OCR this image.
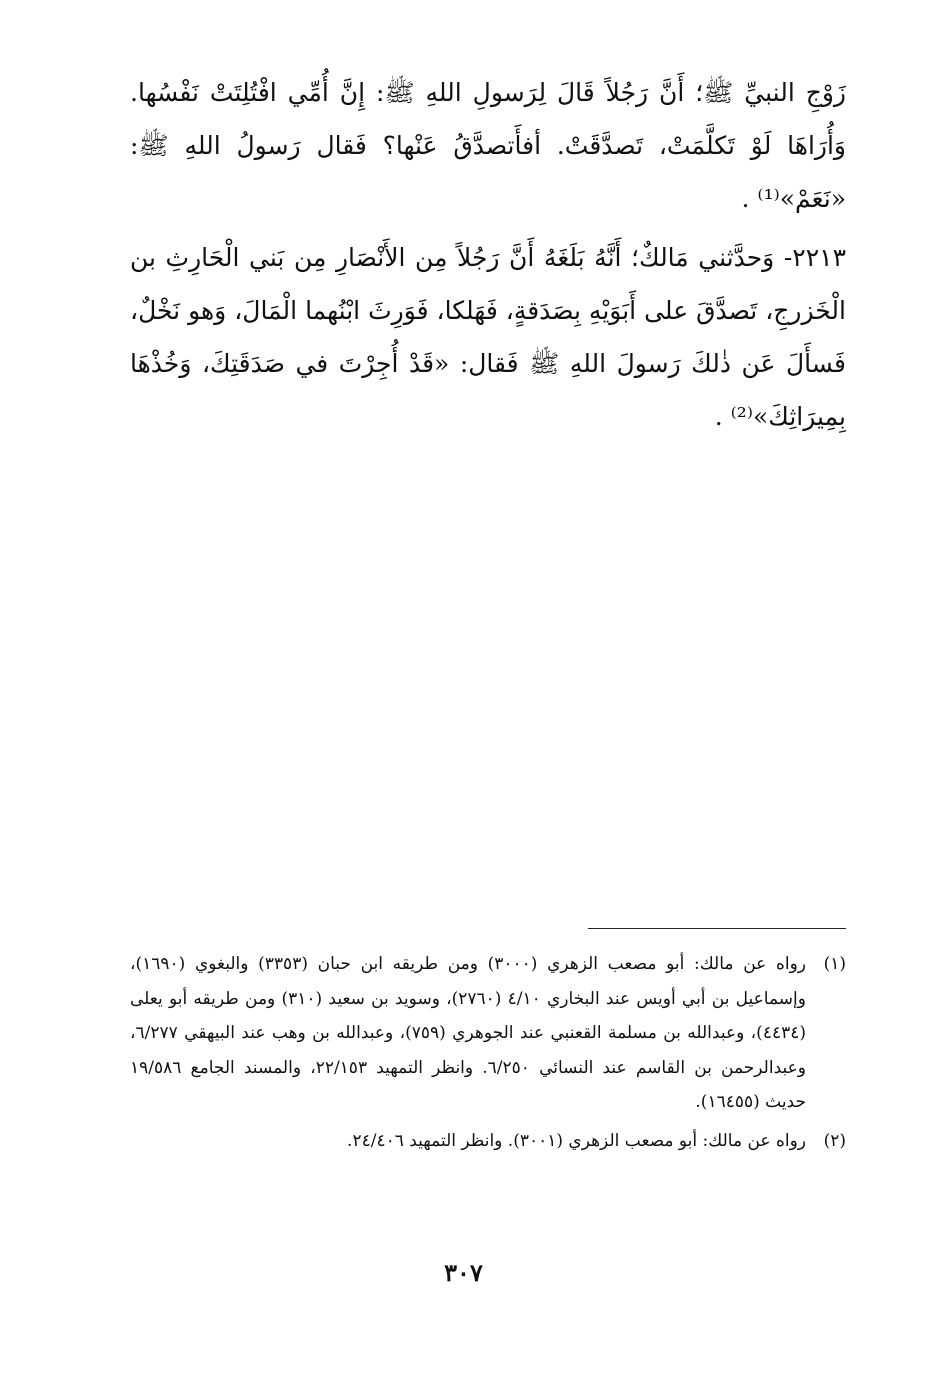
زَوْجِ النبيِّ ﷺ؛ أَنَّ رَجُلاً قَالَ لِرَسولِ اللهِ ﷺ: إِنَّ أُمِّي افْتُلِتَتْ نَفْسُها. وَأُرَاهَا لَوْ تَكلَّمَتْ، تَصدَّقَتْ. أفأَتصدَّقُ عَنْها؟ فَقال رَسولُ اللهِ ﷺ: «نَعَمْ»⁽¹⁾ .

٢٢١٣- وَحدَّثني مَالكٌ؛ أَنَّهُ بَلَغَهُ أَنَّ رَجُلاً مِن الأَنْصَارِ مِن بَني الْحَارِثِ بن الْخَزرجِ، تَصدَّقَ على أَبَوَيْهِ بِصَدَقةٍ، فَهَلكا، فَوَرِثَ ابْنُهما الْمَالَ، وَهو نَخْلٌ، فَسأَلَ عَن ذٰلكَ رَسولَ اللهِ ﷺ فَقال: «قَدْ أُجِرْتَ في صَدَقَتِكَ، وَخُذْهَا بِمِيرَاثِكَ»⁽²⁾ .

(١)
رواه عن مالك: أبو مصعب الزهري (٣٠٠٠) ومن طريقه ابن حبان (٣٣٥٣) والبغوي (١٦٩٠)، وإسماعيل بن أبي أويس عند البخاري ٤/١٠ (٢٧٦٠)، وسويد بن سعيد (٣١٠) ومن طريقه أبو يعلى (٤٤٣٤)، وعبدالله بن مسلمة القعنبي عند الجوهري (٧٥٩)، وعبدالله بن وهب عند البيهقي ٦/٢٧٧، وعبدالرحمن بن القاسم عند النسائي ٦/٢٥٠. وانظر التمهيد ٢٢/١٥٣، والمسند الجامع ١٩/٥٨٦ حديث (١٦٤٥٥).
(٢)
رواه عن مالك: أبو مصعب الزهري (٣٠٠١). وانظر التمهيد ٢٤/٤٠٦.
٣٠٧
